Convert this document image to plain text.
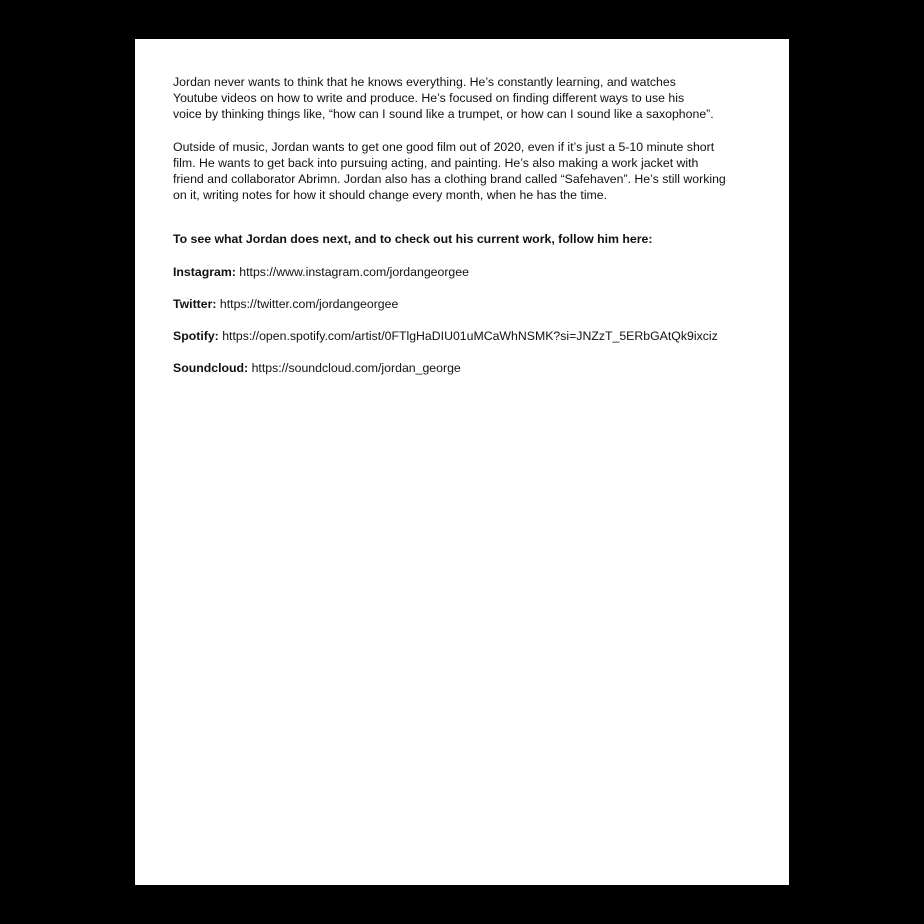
Jordan never wants to think that he knows everything. He’s constantly learning, and watches
Youtube videos on how to write and produce. He’s focused on finding different ways to use his
voice by thinking things like, “how can I sound like a trumpet, or how can I sound like a saxophone”.

Outside of music, Jordan wants to get one good film out of 2020, even if it’s just a 5-10 minute short
film. He wants to get back into pursuing acting, and painting. He’s also making a work jacket with
friend and collaborator Abrimn. Jordan also has a clothing brand called “Safehaven”. He’s still working
on it, writing notes for how it should change every month, when he has the time.

To see what Jordan does next, and to check out his current work, follow him here:

Instagram: https://www.instagram.com/jordangeorgee

Twitter: https://twitter.com/jordangeorgee

Spotify: https://open.spotify.com/artist/0FTlgHaDIU01uMCaWhNSMK?si=JNZzT_5ERbGAtQk9ixciz

Soundcloud: https://soundcloud.com/jordan_george
